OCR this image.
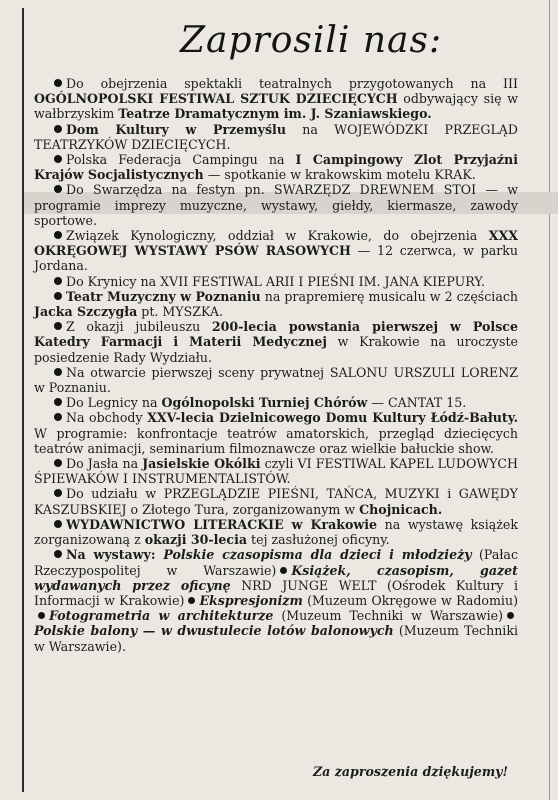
Zaprosili nas:

Do obejrzenia spektakli teatralnych przygotowanych na III OGÓLNOPOLSKI FESTIWAL SZTUK DZIECIĘCYCH odbywający się w wałbrzyskim Teatrze Dramatycznym im. J. Szaniawskiego.

Dom Kultury w Przemyślu na WOJEWÓDZKI PRZEGLĄD TEATRZYKÓW DZIECIĘCYCH.

Polska Federacja Campingu na I Campingowy Zlot Przyjaźni Krajów Socjalistycznych — spotkanie w krakowskim motelu KRAK.

Do Swarzędza na festyn pn. SWARZĘDZ DREWNEM STOI — w programie imprezy muzyczne, wystawy, giełdy, kiermasze, zawody sportowe.

Związek Kynologiczny, oddział w Krakowie, do obejrzenia XXX OKRĘGOWEJ WYSTAWY PSÓW RASOWYCH — 12 czerwca, w parku Jordana.

Do Krynicy na XVII FESTIWAL ARII I PIEŚNI IM. JANA KIEPURY.

Teatr Muzyczny w Poznaniu na prapremierę musicalu w 2 częściach Jacka Szczygła pt. MYSZKA.

Z okazji jubileuszu 200-lecia powstania pierwszej w Polsce Katedry Farmacji i Materii Medycznej w Krakowie na uroczyste posiedzenie Rady Wydziału.

Na otwarcie pierwszej sceny prywatnej SALONU URSZULI LORENZ w Poznaniu.

Do Legnicy na Ogólnopolski Turniej Chórów — CANTAT 15.

Na obchody XXV-lecia Dzielnicowego Domu Kultury Łódź-Bałuty. W programie: konfrontacje teatrów amatorskich, przegląd dziecięcych teatrów animacji, seminarium filmoznawcze oraz wielkie bałuckie show.

Do Jasła na Jasielskie Okólki czyli VI FESTIWAL KAPEL LUDOWYCH ŚPIEWAKÓW I INSTRUMENTALISTÓW.

Do udziału w PRZEGLĄDZIE PIEŚNI, TAŃCA, MUZYKI i GAWĘDY KASZUBSKIEJ o Złotego Tura, zorganizowanym w Chojnicach.

WYDAWNICTWO LITERACKIE w Krakowie na wystawę książek zorganizowaną z okazji 30-lecia tej zasłużonej oficyny.

Na wystawy: Polskie czasopisma dla dzieci i młodzieży (Pałac Rzeczypospolitej w Warszawie) Książek, czasopism, gazet wydawanych przez oficynę NRD JUNGE WELT (Ośrodek Kultury i Informacji w Krakowie) Ekspresjonizm (Muzeum Okręgowe w Radomiu)Fotogrametria w architekturze (Muzeum Techniki w Warszawie)Polskie balony — w dwustulecie lotów balonowych (Muzeum Techniki w Warszawie).

Za zaproszenia dziękujemy!
